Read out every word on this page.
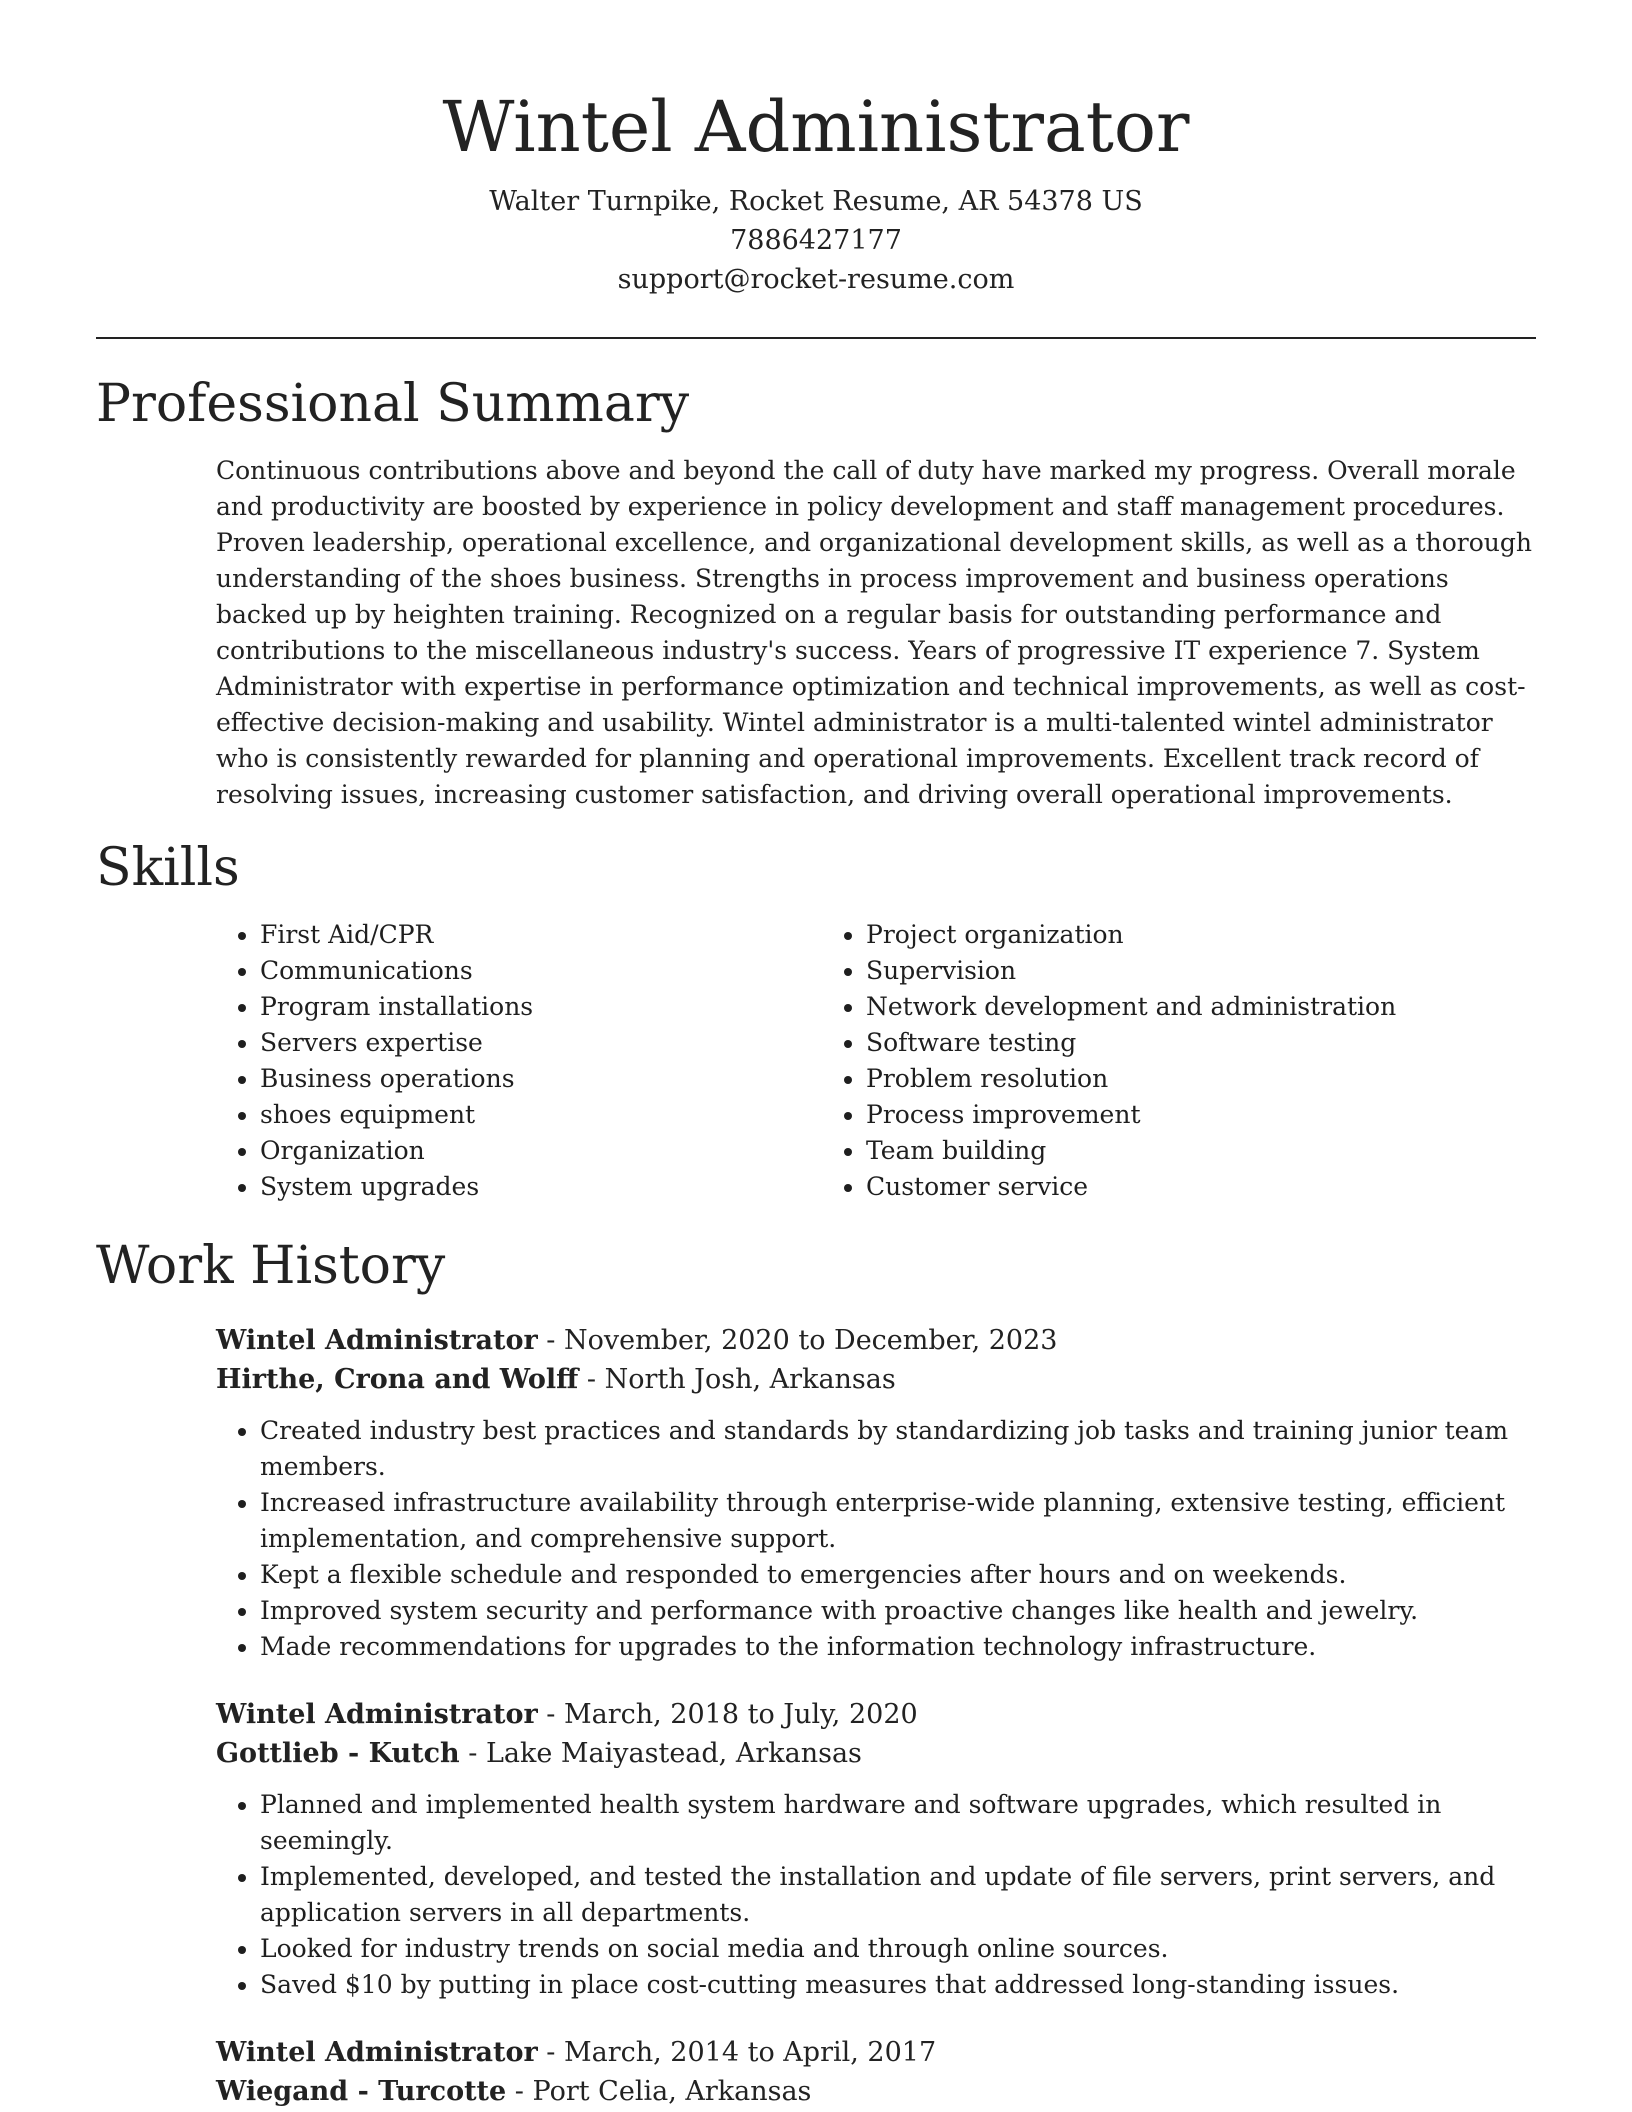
Wintel Administrator
Walter Turnpike, Rocket Resume, AR 54378 US
7886427177
support@rocket-resume.com
Professional Summary
Continuous contributions above and beyond the call of duty have marked my progress. Overall morale and productivity are boosted by experience in policy development and staff management procedures. Proven leadership, operational excellence, and organizational development skills, as well as a thorough understanding of the shoes business. Strengths in process improvement and business operations backed up by heighten training. Recognized on a regular basis for outstanding performance and contributions to the miscellaneous industry's success. Years of progressive IT experience 7. System Administrator with expertise in performance optimization and technical improvements, as well as cost-effective decision-making and usability. Wintel administrator is a multi-talented wintel administrator who is consistently rewarded for planning and operational improvements. Excellent track record of resolving issues, increasing customer satisfaction, and driving overall operational improvements.
Skills
• First Aid/CPR
• Communications
• Program installations
• Servers expertise
• Business operations
• shoes equipment
• Organization
• System upgrades
• Project organization
• Supervision
• Network development and administration
• Software testing
• Problem resolution
• Process improvement
• Team building
• Customer service
Work History
Wintel Administrator - November, 2020 to December, 2023
Hirthe, Crona and Wolff - North Josh, Arkansas
• Created industry best practices and standards by standardizing job tasks and training junior team members.
• Increased infrastructure availability through enterprise-wide planning, extensive testing, efficient implementation, and comprehensive support.
• Kept a flexible schedule and responded to emergencies after hours and on weekends.
• Improved system security and performance with proactive changes like health and jewelry.
• Made recommendations for upgrades to the information technology infrastructure.
Wintel Administrator - March, 2018 to July, 2020
Gottlieb - Kutch - Lake Maiyastead, Arkansas
• Planned and implemented health system hardware and software upgrades, which resulted in seemingly.
• Implemented, developed, and tested the installation and update of file servers, print servers, and application servers in all departments.
• Looked for industry trends on social media and through online sources.
• Saved $10 by putting in place cost-cutting measures that addressed long-standing issues.
Wintel Administrator - March, 2014 to April, 2017
Wiegand - Turcotte - Port Celia, Arkansas
